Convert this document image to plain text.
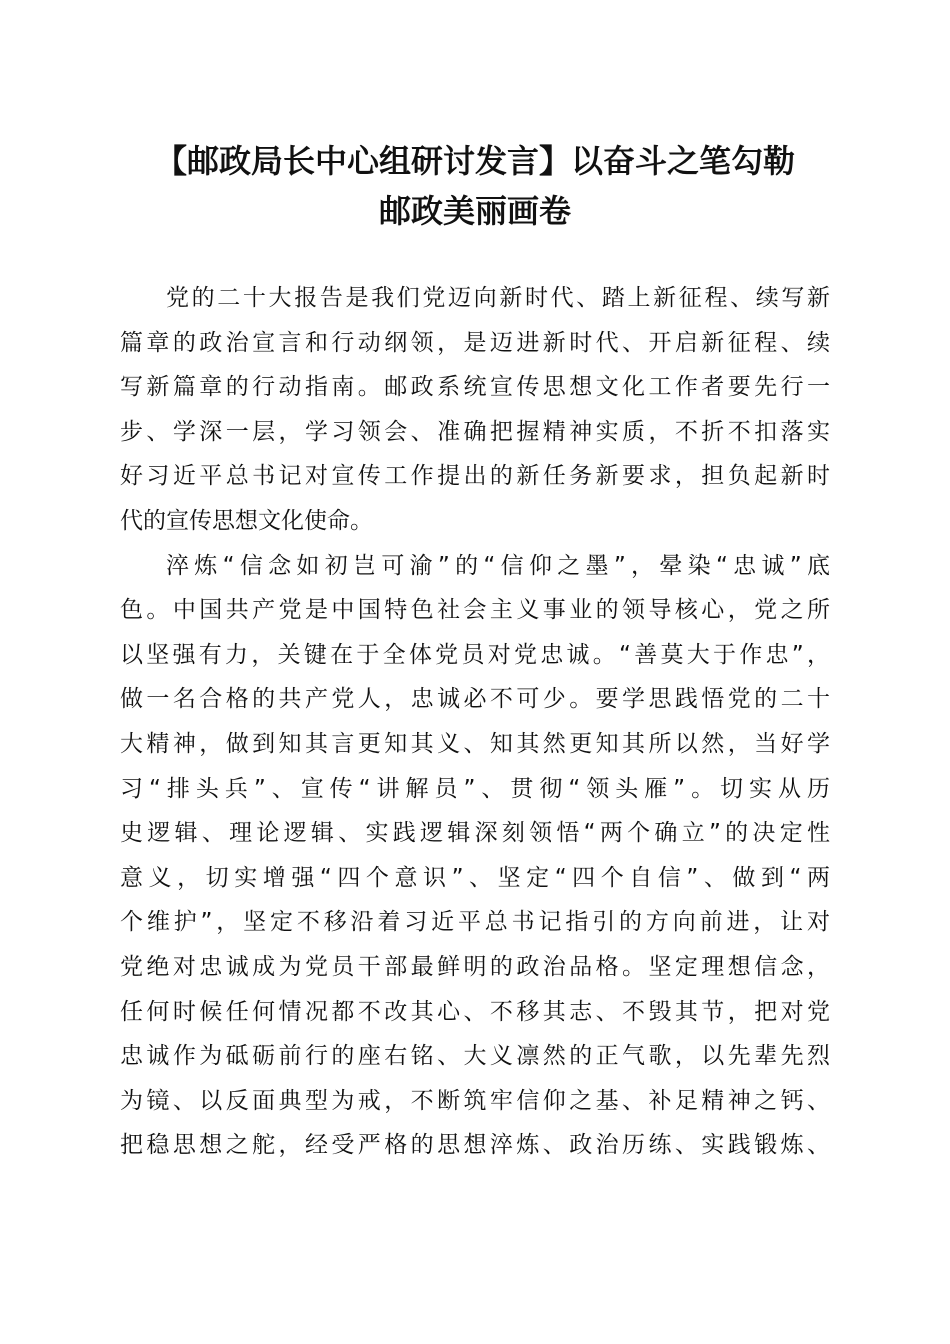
【邮政局长中心组研讨发言】以奋斗之笔勾勒
邮政美丽画卷
党的二十大报告是我们党迈向新时代、踏上新征程、续写新
篇章的政治宣言和行动纲领，是迈进新时代、开启新征程、续
写新篇章的行动指南。邮政系统宣传思想文化工作者要先行一
步、学深一层，学习领会、准确把握精神实质，不折不扣落实
好习近平总书记对宣传工作提出的新任务新要求，担负起新时
代的宣传思想文化使命。
淬炼“信念如初岂可渝”的“信仰之墨”，晕染“忠诚”底
色。中国共产党是中国特色社会主义事业的领导核心，党之所
以坚强有力，关键在于全体党员对党忠诚。“善莫大于作忠”，
做一名合格的共产党人，忠诚必不可少。要学思践悟党的二十
大精神，做到知其言更知其义、知其然更知其所以然，当好学
习“排头兵”、宣传“讲解员”、贯彻“领头雁”。切实从历
史逻辑、理论逻辑、实践逻辑深刻领悟“两个确立”的决定性
意义，切实增强“四个意识”、坚定“四个自信”、做到“两
个维护”，坚定不移沿着习近平总书记指引的方向前进，让对
党绝对忠诚成为党员干部最鲜明的政治品格。坚定理想信念，
任何时候任何情况都不改其心、不移其志、不毁其节，把对党
忠诚作为砥砺前行的座右铭、大义凛然的正气歌，以先辈先烈
为镜、以反面典型为戒，不断筑牢信仰之基、补足精神之钙、
把稳思想之舵，经受严格的思想淬炼、政治历练、实践锻炼、
